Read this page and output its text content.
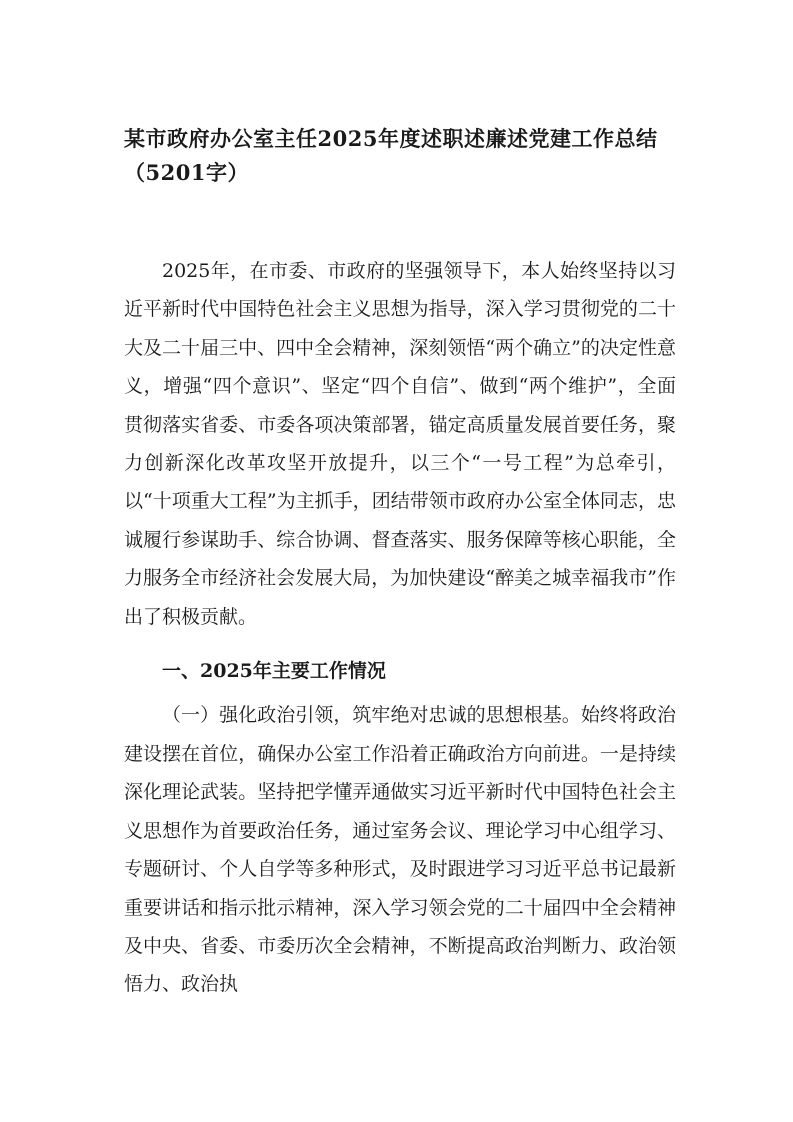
某市政府办公室主任2025年度述职述廉述党建工作总结
（5201字）

2025年，在市委、市政府的坚强领导下，本人始终坚持以习近平新时代中国特色社会主义思想为指导，深入学习贯彻党的二十大及二十届三中、四中全会精神，深刻领悟“两个确立”的决定性意义，增强“四个意识”、坚定“四个自信”、做到“两个维护”，全面贯彻落实省委、市委各项决策部署，锚定高质量发展首要任务，聚力创新深化改革攻坚开放提升，以三个“一号工程”为总牵引，以“十项重大工程”为主抓手，团结带领市政府办公室全体同志，忠诚履行参谋助手、综合协调、督查落实、服务保障等核心职能，全力服务全市经济社会发展大局，为加快建设“醉美之城幸福我市”作出了积极贡献。

一、2025年主要工作情况

（一）强化政治引领，筑牢绝对忠诚的思想根基。始终将政治建设摆在首位，确保办公室工作沿着正确政治方向前进。一是持续深化理论武装。坚持把学懂弄通做实习近平新时代中国特色社会主义思想作为首要政治任务，通过室务会议、理论学习中心组学习、专题研讨、个人自学等多种形式，及时跟进学习习近平总书记最新重要讲话和指示批示精神，深入学习领会党的二十届四中全会精神及中央、省委、市委历次全会精神，不断提高政治判断力、政治领悟力、政治执
